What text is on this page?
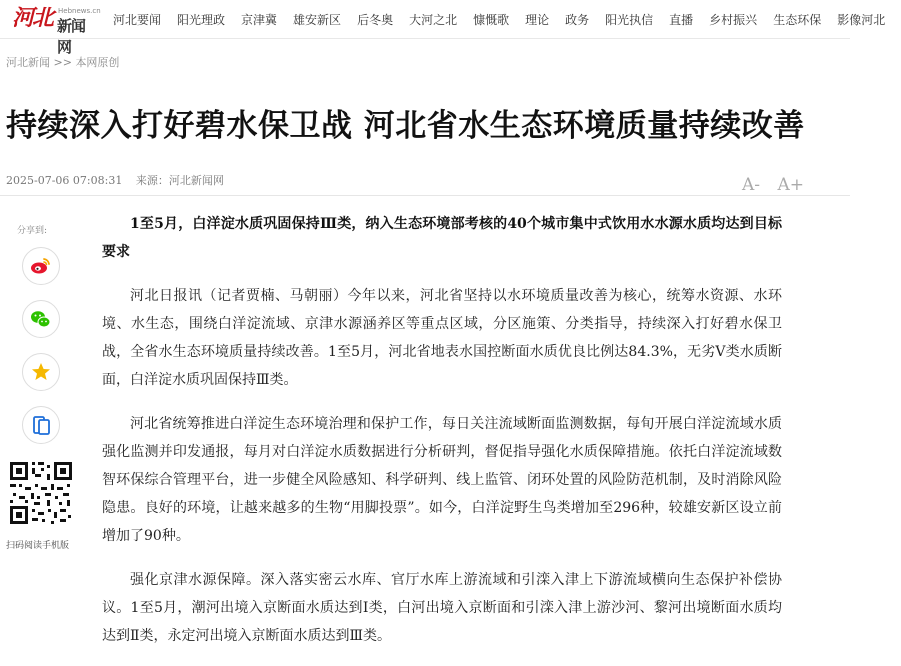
河北 Hebnews.cn
新闻网
河北要闻 阳光理政 京津冀 雄安新区 后冬奥 大河之北 慷慨歌 理论 政务 阳光执信 直播 乡村振兴 生态环保 影像河北
河北新闻 >> 本网原创
持续深入打好碧水保卫战 河北省水生态环境质量持续改善
2025-07-06 07:08:31 来源：河北新闻网	A- A+
分享到:
扫码阅读手机版

1至5月，白洋淀水质巩固保持Ⅲ类，纳入生态环境部考核的40个城市集中式饮用水水源水质均达到目标要求

河北日报讯（记者贾楠、马朝丽）今年以来，河北省坚持以水环境质量改善为核心，统筹水资源、水环境、水生态，围绕白洋淀流域、京津水源涵养区等重点区域，分区施策、分类指导，持续深入打好碧水保卫战，全省水生态环境质量持续改善。1至5月，河北省地表水国控断面水质优良比例达84.3%，无劣Ⅴ类水质断面，白洋淀水质巩固保持Ⅲ类。

河北省统筹推进白洋淀生态环境治理和保护工作，每日关注流域断面监测数据，每旬开展白洋淀流域水质强化监测并印发通报，每月对白洋淀水质数据进行分析研判，督促指导强化水质保障措施。依托白洋淀流域数智环保综合管理平台，进一步健全风险感知、科学研判、线上监管、闭环处置的风险防范机制，及时消除风险隐患。良好的环境，让越来越多的生物“用脚投票”。如今，白洋淀野生鸟类增加至296种，较雄安新区设立前增加了90种。

强化京津水源保障。深入落实密云水库、官厅水库上游流域和引滦入津上下游流域横向生态保护补偿协议。1至5月，潮河出境入京断面水质达到Ⅰ类，白河出境入京断面和引滦入津上游沙河、黎河出境断面水质均达到Ⅱ类，永定河出境入京断面水质达到Ⅲ类。
